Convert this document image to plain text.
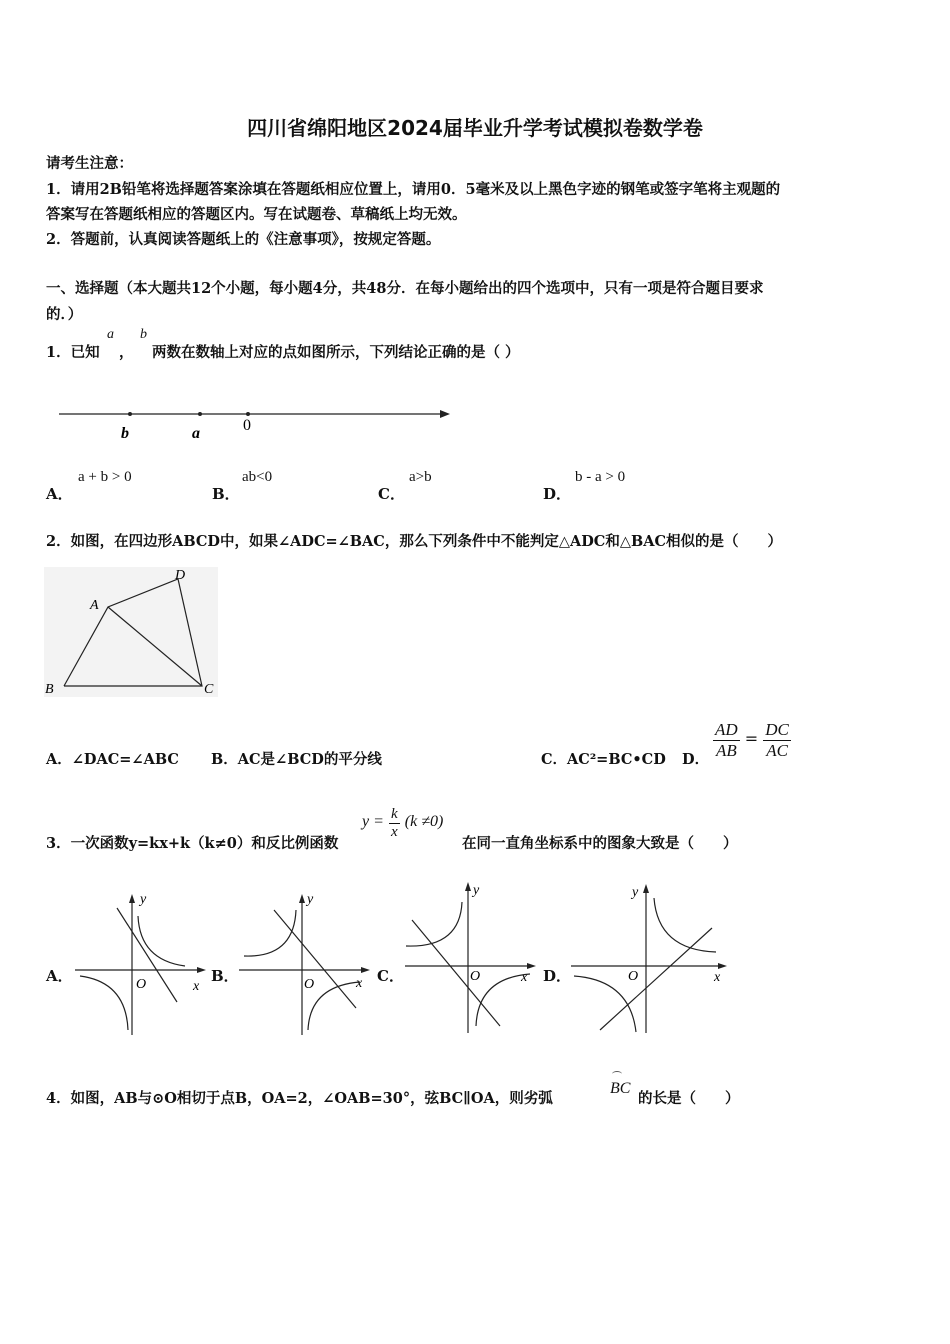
四川省绵阳地区2024届毕业升学考试模拟卷数学卷
请考生注意：
1．请用2B铅笔将选择题答案涂填在答题纸相应位置上，请用0．5毫米及以上黑色字迹的钢笔或签字笔将主观题的
答案写在答题纸相应的答题区内。写在试题卷、草稿纸上均无效。
2．答题前，认真阅读答题纸上的《注意事项》，按规定答题。
一、选择题（本大题共12个小题，每小题4分，共48分．在每小题给出的四个选项中，只有一项是符合题目要求
的．）
1．已知
a
，
b
两数在数轴上对应的点如图所示，下列结论正确的是（ ）
b	a	0
A．
a + b > 0
B．
ab<0
C．
a>b
D．
b - a > 0
2．如图，在四边形ABCD中，如果∠ADC=∠BAC，那么下列条件中不能判定△ADC和△BAC相似的是（　　）
A
B	C
D
A．∠DAC=∠ABC B．AC是∠BCD的平分线	C．AC²=BC•CD D． $\frac{AD}{AB} = \frac{DC}{AC}$
3．一次函数y=kx+k（k≠0）和反比例函数
$y = \frac{k}{x} (k \ne 0)$
在同一直角坐标系中的图象大致是（　　）
A．
x
y
O	B．	x
y
O	C．	x
y
O	D．	x
y
O
4．如图，AB与⊙O相切于点B，OA=2，∠OAB=30°，弦BC∥OA，则劣弧
BC
的长是（　　）
